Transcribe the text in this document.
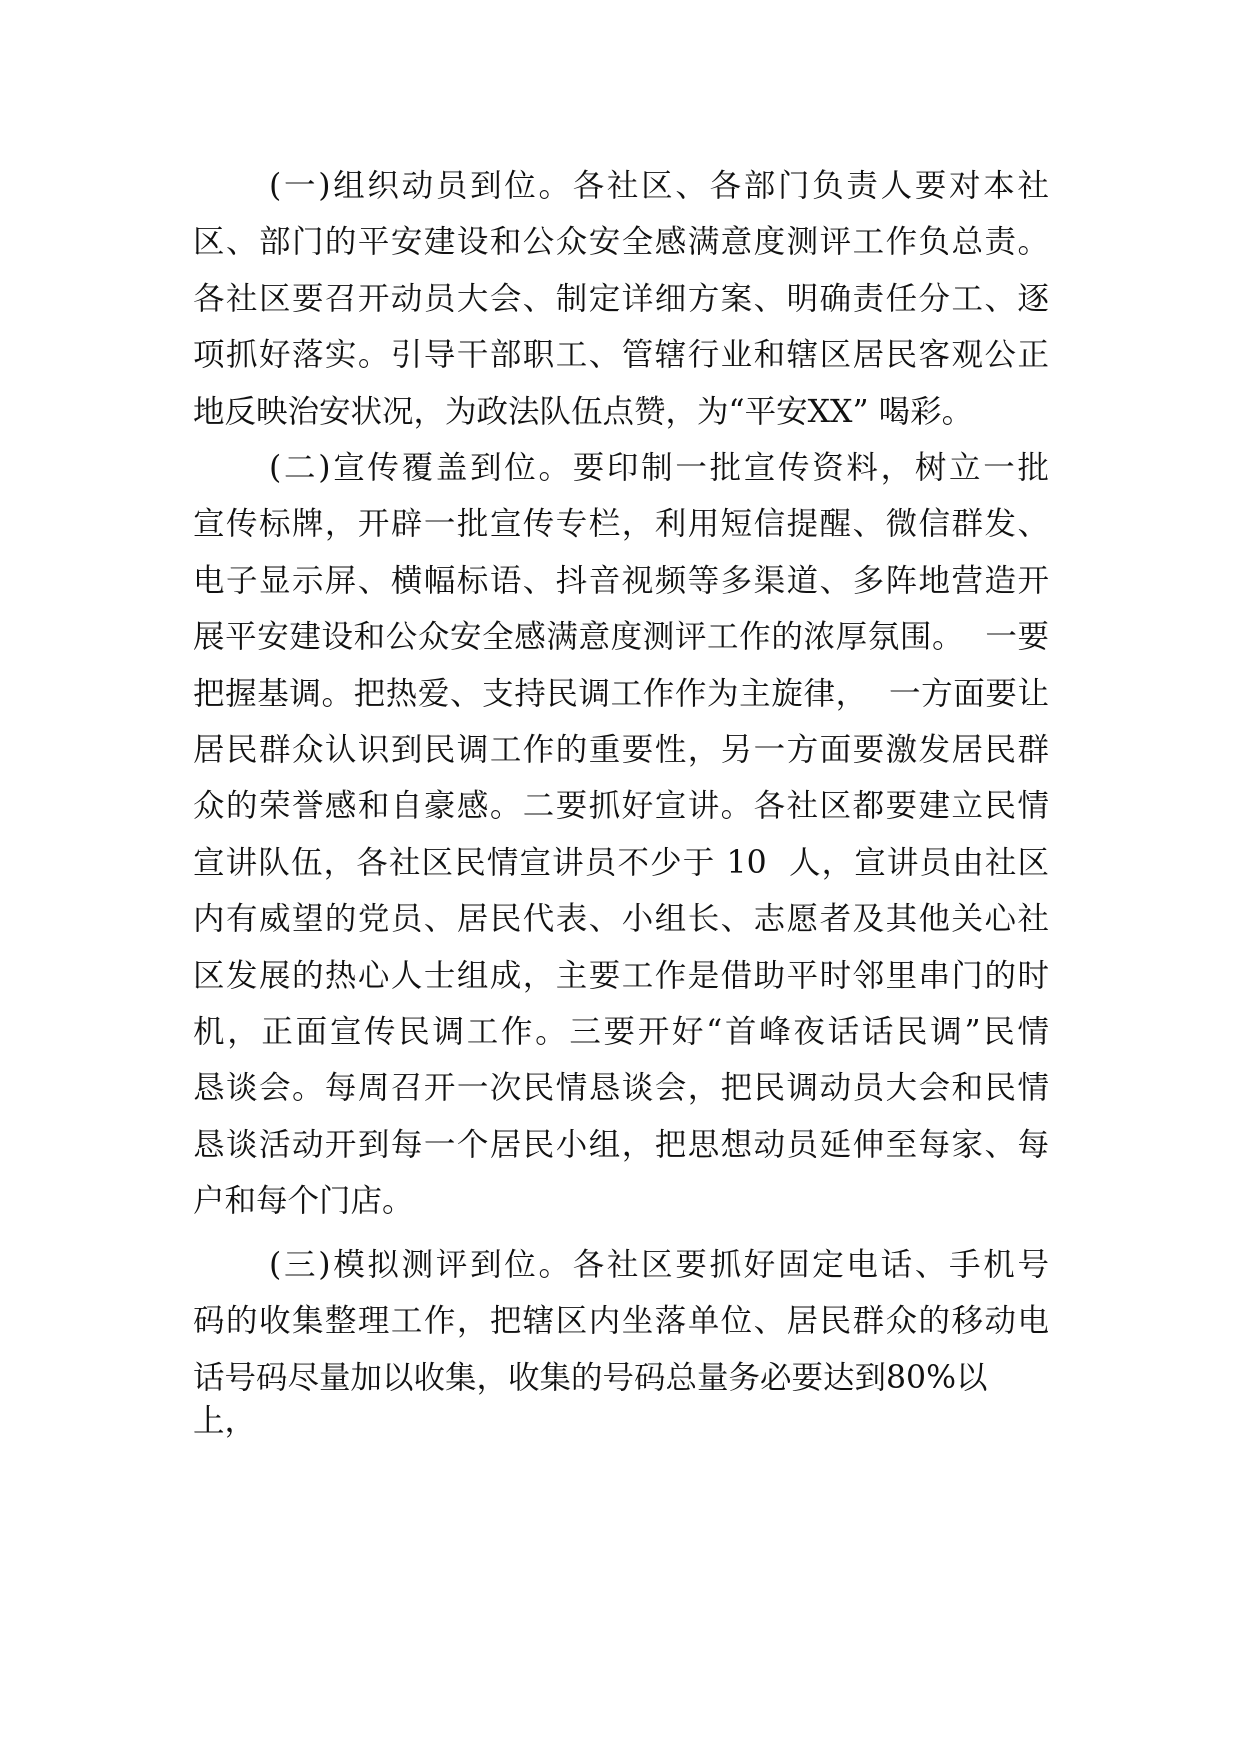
(一)组织动员到位。各社区、各部门负责人要对本社
区、部门的平安建设和公众安全感满意度测评工作负总责。
各社区要召开动员大会、制定详细方案、明确责任分工、逐
项抓好落实。引导干部职工、管辖行业和辖区居民客观公正
地反映治安状况，为政法队伍点赞，为“平安XX” 喝彩。
(二)宣传覆盖到位。要印制一批宣传资料，树立一批
宣传标牌，开辟一批宣传专栏，利用短信提醒、微信群发、
电子显示屏、横幅标语、抖音视频等多渠道、多阵地营造开
展平安建设和公众安全感满意度测评工作的浓厚氛围。  一要
把握基调。把热爱、支持民调工作作为主旋律，  一方面要让
居民群众认识到民调工作的重要性，另一方面要激发居民群
众的荣誉感和自豪感。二要抓好宣讲。各社区都要建立民情
宣讲队伍，各社区民情宣讲员不少于 10  人，宣讲员由社区
内有威望的党员、居民代表、小组长、志愿者及其他关心社
区发展的热心人士组成，主要工作是借助平时邻里串门的时
机，正面宣传民调工作。三要开好“首峰夜话话民调”民情
恳谈会。每周召开一次民情恳谈会，把民调动员大会和民情
恳谈活动开到每一个居民小组，把思想动员延伸至每家、每
户和每个门店。
(三)模拟测评到位。各社区要抓好固定电话、手机号
码的收集整理工作，把辖区内坐落单位、居民群众的移动电
话号码尽量加以收集，收集的号码总量务必要达到80%以
上，
